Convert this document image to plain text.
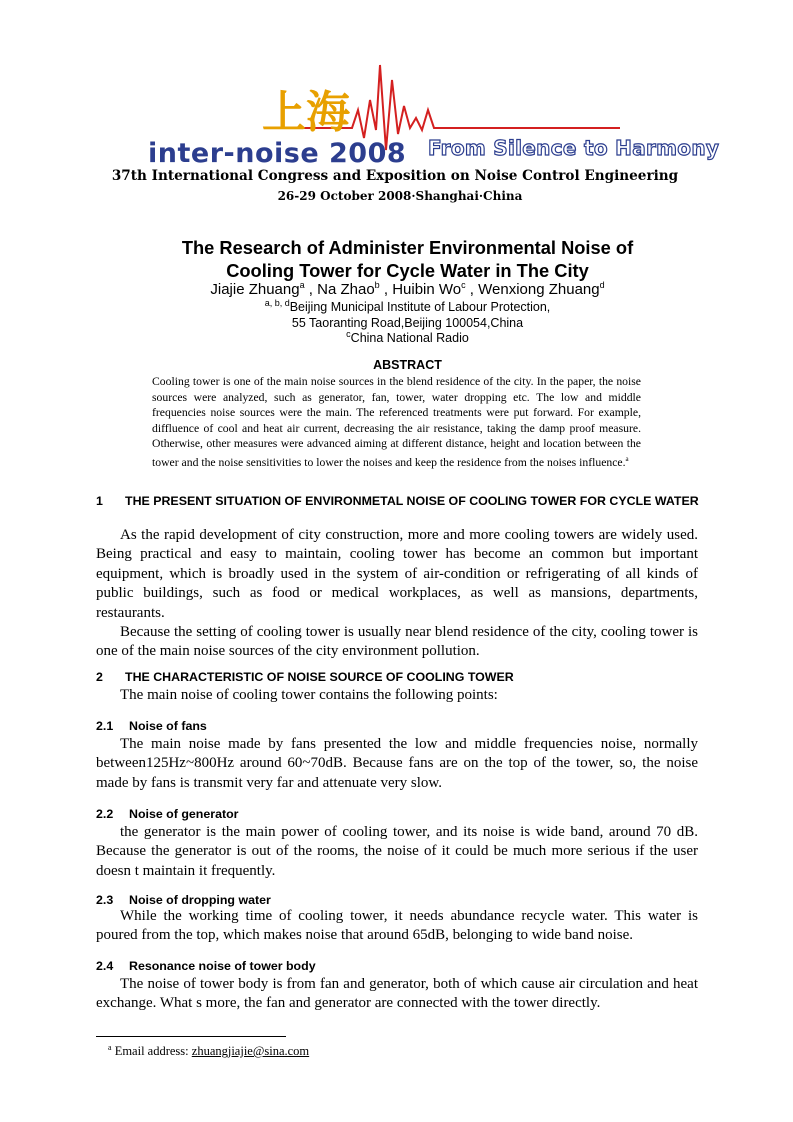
上海
inter-noise 2008 From Silence to Harmony
37th International Congress and Exposition on Noise Control Engineering
26-29 October 2008·Shanghai·China
The Research of Administer Environmental Noise of
Cooling Tower for Cycle Water in The City
Jiajie Zhuang$^a$ , Na Zhao$^b$ , Huibin Wo$^c$ , Wenxiong Zhuang$^d$
$^{a, b, d}$Beijing Municipal Institute of Labour Protection,
55 Taoranting Road,Beijing 100054,China
$^c$China National Radio
ABSTRACT
Cooling tower is one of the main noise sources in the blend residence of the city. In the paper, the noise sources were analyzed, such as generator, fan, tower, water dropping etc. The low and middle frequencies noise sources were the main. The referenced treatments were put forward. For example, diffluence of cool and heat air current, decreasing the air resistance, taking the damp proof measure. Otherwise, other measures were advanced aiming at different distance, height and location between the tower and the noise sensitivities to lower the noises and keep the residence from the noises influence.$^a$
1 THE PRESENT SITUATION OF ENVIRONMETAL NOISE OF COOLING TOWER FOR CYCLE WATER

As the rapid development of city construction, more and more cooling towers are widely used. Being practical and easy to maintain, cooling tower has become an common but important equipment, which is broadly used in the system of air-condition or refrigerating of all kinds of public buildings, such as food or medical workplaces, as well as mansions, departments, restaurants.

Because the setting of cooling tower is usually near blend residence of the city, cooling tower is one of the main noise sources of the city environment pollution.

2 THE CHARACTERISTIC OF NOISE SOURCE OF COOLING TOWER

The main noise of cooling tower contains the following points:

2.1 Noise of fans

The main noise made by fans presented the low and middle frequencies noise, normally between125Hz~800Hz around 60~70dB. Because fans are on the top of the tower, so, the noise made by fans is transmit very far and attenuate very slow.

2.2 Noise of generator

the generator is the main power of cooling tower, and its noise is wide band, around 70 dB. Because the generator is out of the rooms, the noise of it could be much more serious if the user doesn t maintain it frequently.

2.3 Noise of dropping water

While the working time of cooling tower, it needs abundance recycle water. This water is poured from the top, which makes noise that around 65dB, belonging to wide band noise.

2.4 Resonance noise of tower body

The noise of tower body is from fan and generator, both of which cause air circulation and heat exchange. What s more, the fan and generator are connected with the tower directly.

$^a$ Email address: zhuangjiajie@sina.com
